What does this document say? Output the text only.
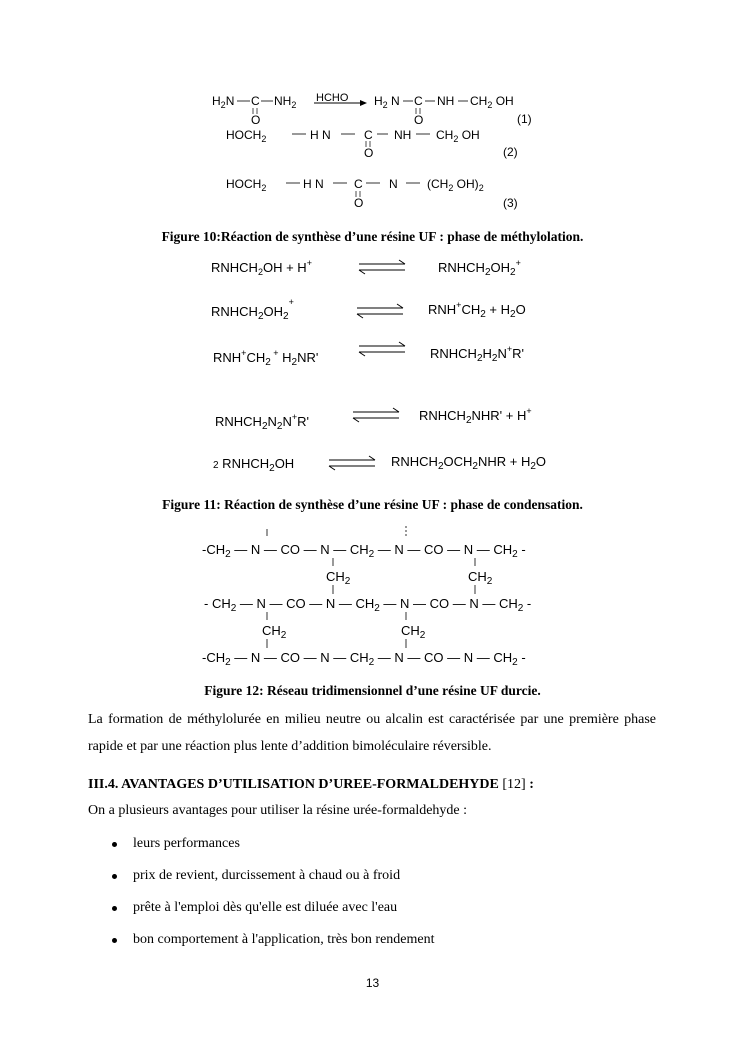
$H_2N$ C $NH_2$
O
HCHO $H_2$ N C NH $CH_2$ OH
O	(1)
$HOCH_2$	H N	C NH $CH_2$ OH
O	(2)
$HOCH_2$	H N	C N ($CH_2$ $OH)_2$
O	(3)
Figure 10:Réaction de synthèse d’une résine UF : phase de méthylolation.
$RNHCH_2OH + H^+$	$RNHCH_2OH_2^+$
$RNHCH_2OH_2^+$	$RNH^+CH_2 + H_2O$
$RNH^+CH_2$ + $H_2NR'$	$RNHCH_2H_2N^+R'$
$RNHCH_2N_2N^+R'$	$RNHCH_2NHR' + H^+$
2 $RNHCH_2OH$	$RNHCH_2OCH_2NHR + H_2O$
Figure 11: Réaction de synthèse d’une résine UF : phase de condensation.
$-CH_2$ — N — CO — N — $CH_2$ — N — CO — N — $CH_2$ -
$CH_2$	$CH_2$
- $CH_2$ — N — CO — N — $CH_2$ — N — CO — N — $CH_2$ -
$CH_2$	$CH_2$
$-CH_2$ — N — CO — N — $CH_2$ — N — CO — N — $CH_2$ -
Figure 12: Réseau tridimensionnel d’une résine UF durcie.

La formation de méthylolurée en milieu neutre ou alcalin est caractérisée par une première phase rapide et par une réaction plus lente d’addition bimoléculaire réversible.

III.4. AVANTAGES D’UTILISATION D’UREE-FORMALDEHYDE [12] :
On a plusieurs avantages pour utiliser la résine urée-formaldehyde :
leurs performances
prix de revient, durcissement à chaud ou à froid
prête à l'emploi dès qu'elle est diluée avec l'eau
bon comportement à l'application, très bon rendement
13
